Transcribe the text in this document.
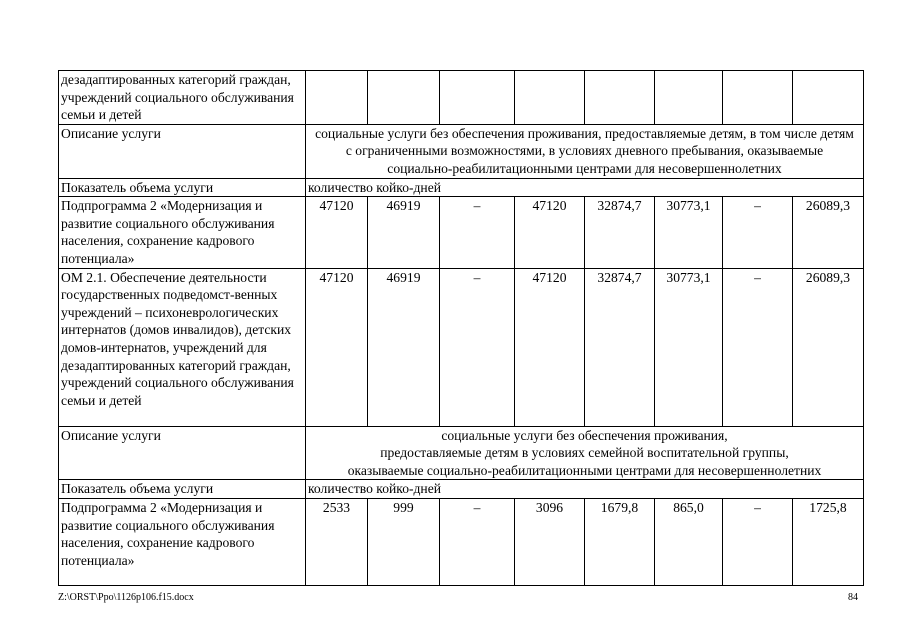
дезадаптированных категорий граждан, учреждений социального обслуживания семьи и детей								
Описание услуги	социальные услуги без обеспечения проживания, предоставляемые детям, в том числе детям с ограниченными возможностями, в условиях дневного пребывания, оказываемые социально-реабилитационными центрами для несовершеннолетних							
Показатель объема услуги	количество койко-дней							
Подпрограмма 2 «Модернизация и развитие социального обслуживания населения, сохранение кадрового потенциала»	47120	46919	–	47120	32874,7	30773,1	–	26089,3
ОМ 2.1. Обеспечение деятельности государственных подведомст-венных учреждений – психоневрологических интернатов (домов инвалидов), детских домов-интернатов, учреждений для дезадаптированных категорий граждан, учреждений социального обслуживания семьи и детей	47120	46919	–	47120	32874,7	30773,1	–	26089,3
Описание услуги	социальные услуги без обеспечения проживания,
предоставляемые детям в условиях семейной воспитательной группы,
оказываемые социально-реабилитационными центрами для несовершеннолетних							

Показатель объема услуги	количество койко-дней							
Подпрограмма 2 «Модернизация и развитие социального обслуживания населения, сохранение кадрового потенциала»	2533	999	–	3096	1679,8	865,0	–	1725,8
Z:\ORST\Ppo\1126p106.f15.docx	84
